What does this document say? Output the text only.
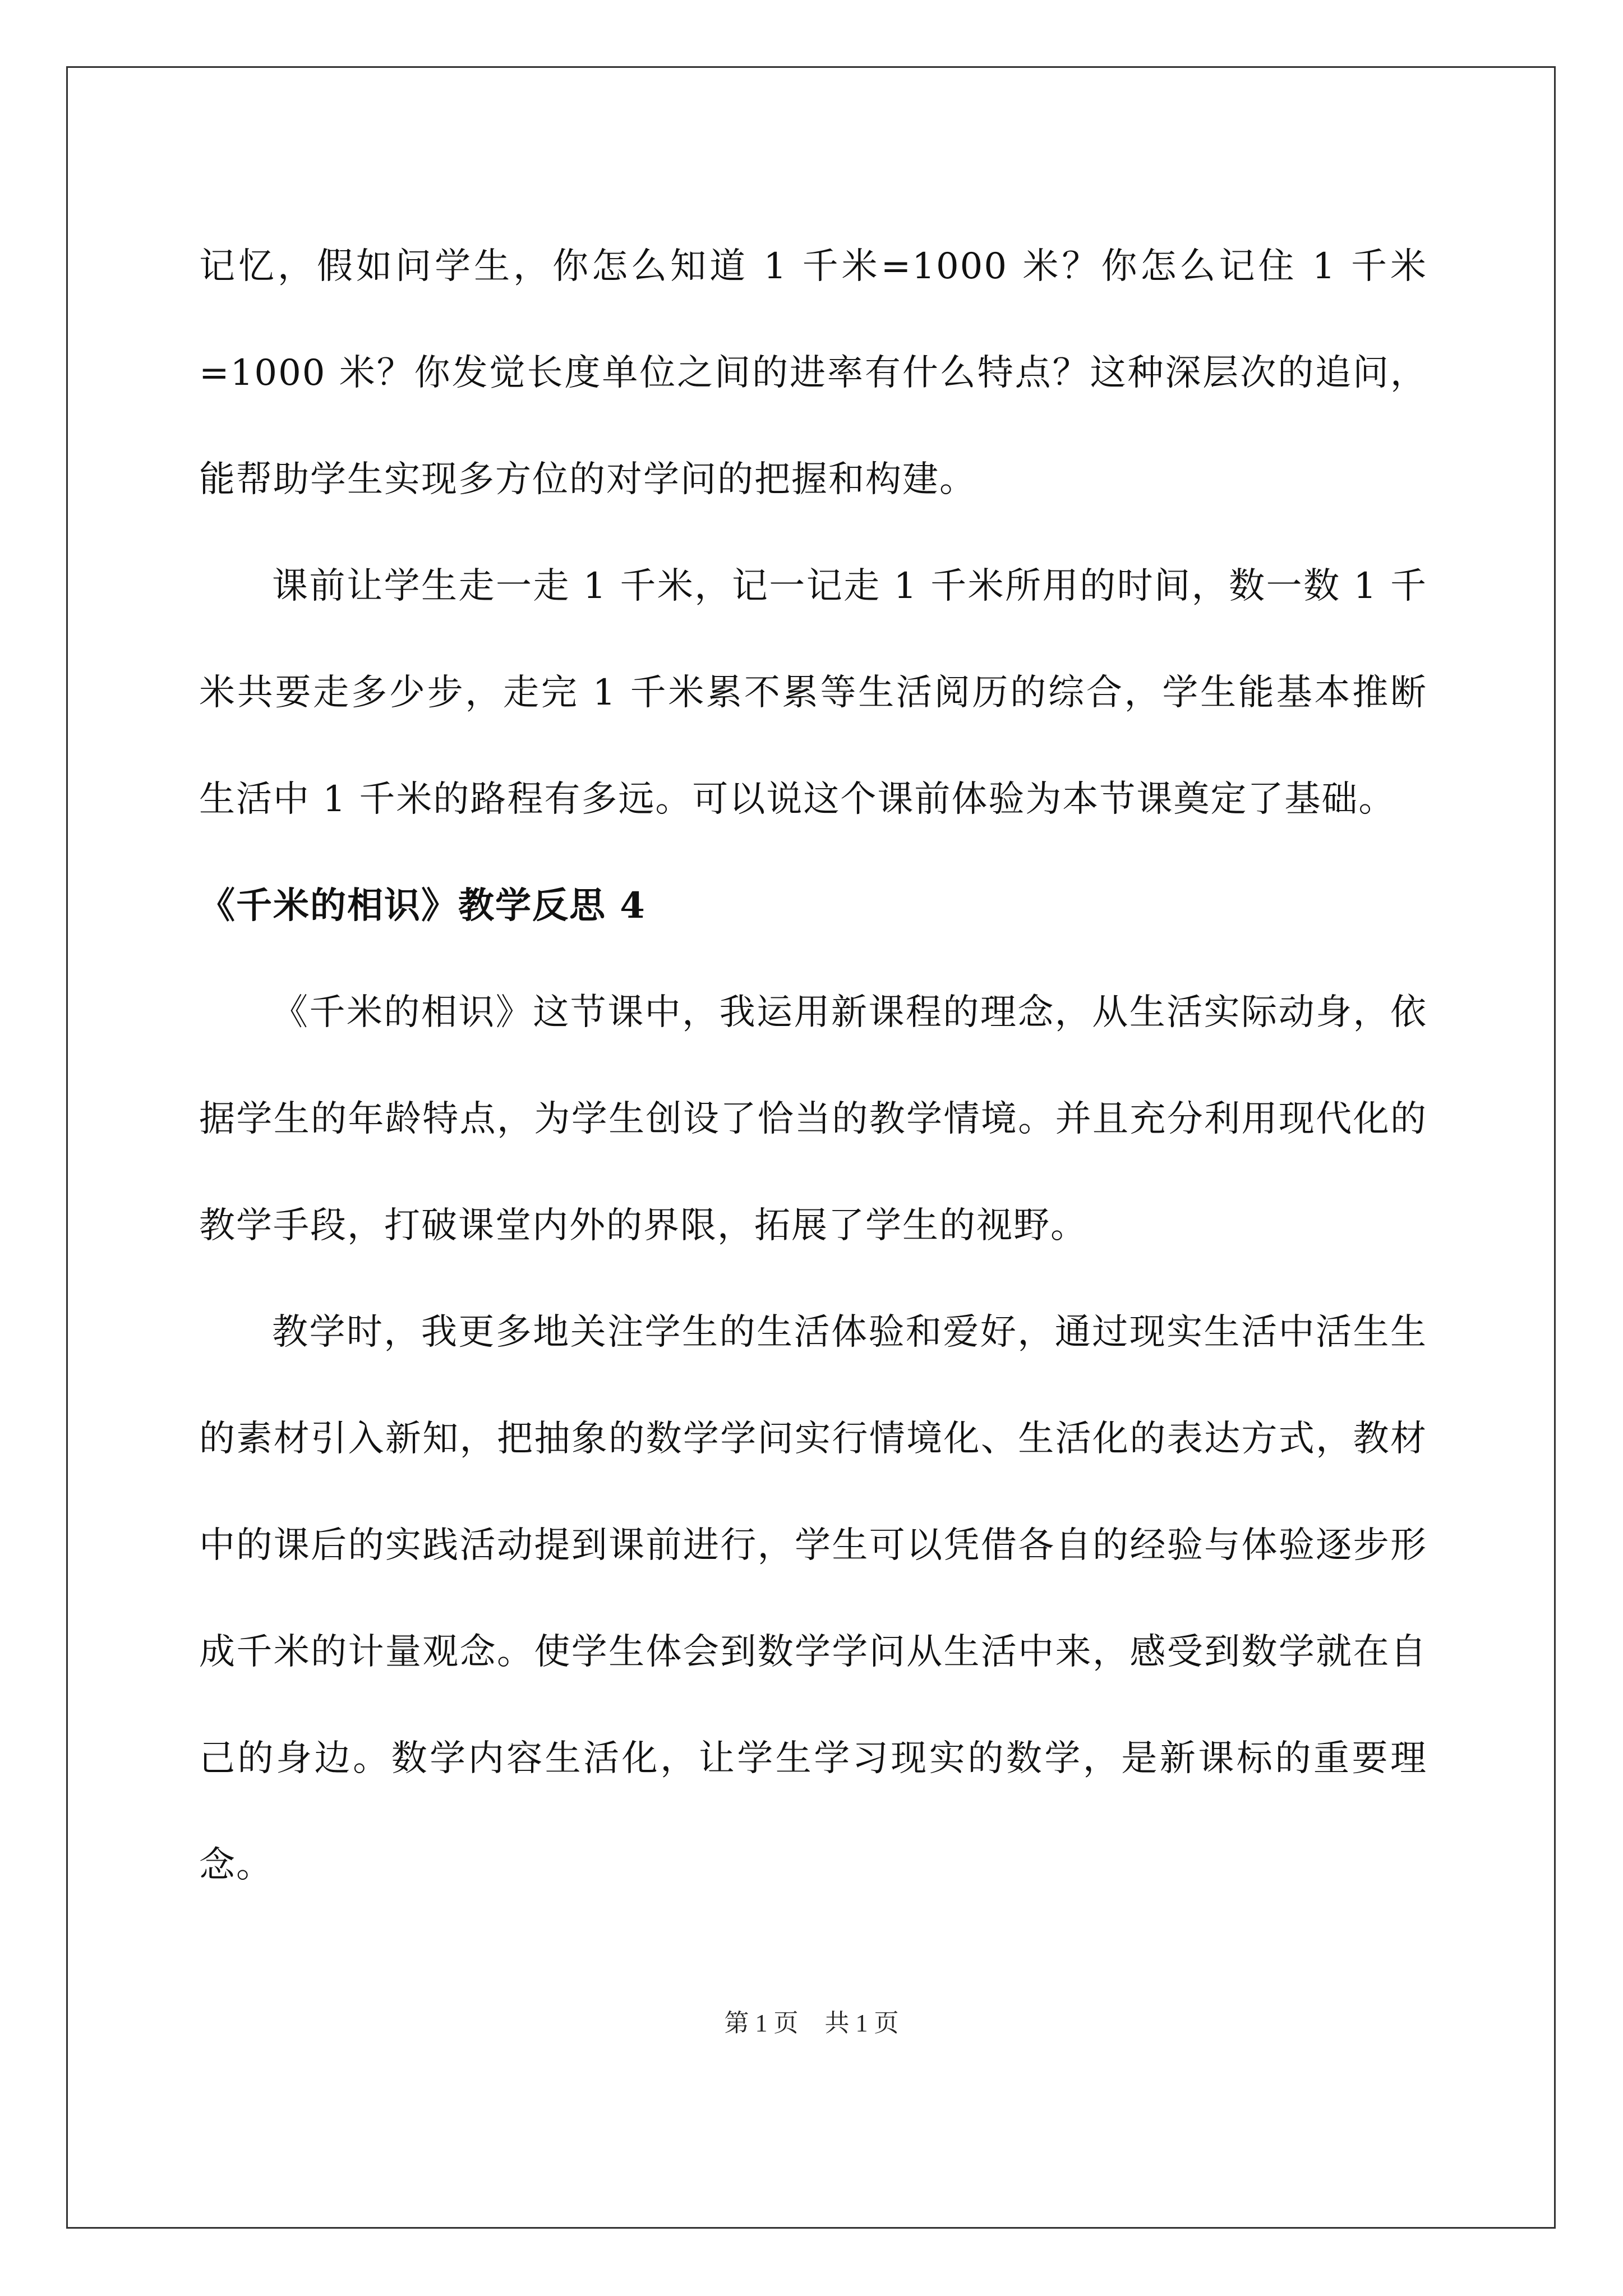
记忆，假如问学生，你怎么知道 1 千米=1000 米？你怎么记住 1 千米=1000 米？你发觉长度单位之间的进率有什么特点？这种深层次的追问，能帮助学生实现多方位的对学问的把握和构建。

课前让学生走一走 1 千米，记一记走 1 千米所用的时间，数一数 1 千米共要走多少步，走完 1 千米累不累等生活阅历的综合，学生能基本推断生活中 1 千米的路程有多远。可以说这个课前体验为本节课奠定了基础。

《千米的相识》教学反思 4

《千米的相识》这节课中，我运用新课程的理念，从生活实际动身，依据学生的年龄特点，为学生创设了恰当的教学情境。并且充分利用现代化的教学手段，打破课堂内外的界限，拓展了学生的视野。

教学时，我更多地关注学生的生活体验和爱好，通过现实生活中活生生的素材引入新知，把抽象的数学学问实行情境化、生活化的表达方式，教材中的课后的实践活动提到课前进行，学生可以凭借各自的经验与体验逐步形成千米的计量观念。使学生体会到数学学问从生活中来，感受到数学就在自己的身边。数学内容生活化，让学生学习现实的数学，是新课标的重要理念。

第 1 页 共 1 页
